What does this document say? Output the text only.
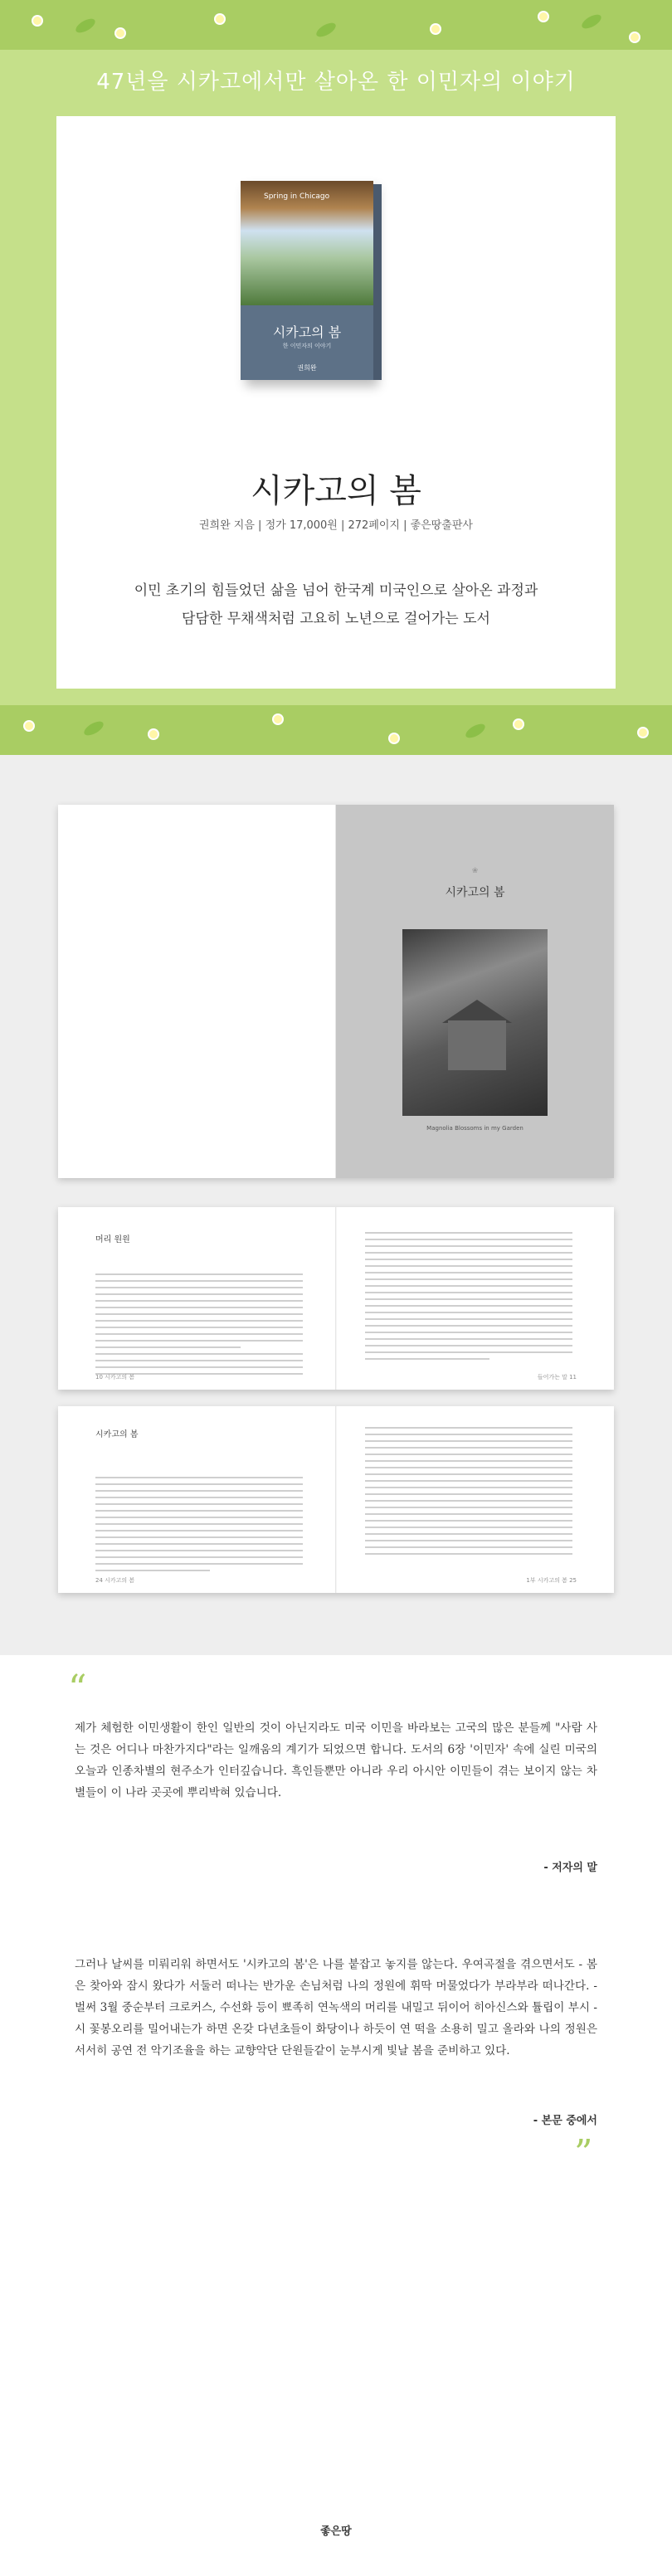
47년을 시카고에서만 살아온 한 이민자의 이야기
Spring in Chicago
시카고의 봄
한 이민자의 이야기
권희완
시카고의 봄
권희완 지음 | 정가 17,000원 | 272페이지 | 좋은땅출판사
이민 초기의 힘들었던 삶을 넘어 한국계 미국인으로 살아온 과정과
담담한 무채색처럼 고요히 노년으로 걸어가는 도서
❀
시카고의 봄
Magnolia Blossoms in my Garden
머리 원원
10 시카고의 봄	들어가는 말 11
시카고의 봄
24 시카고의 봄	1부 시카고의 봄 25
“
제가 체험한 이민생활이 한인 일반의 것이 아닌지라도 미국 이민을 바라보는 고국의 많은 분들께 "사람 사는 것은 어디나 마찬가지다"라는 일깨움의 계기가 되었으면 합니다. 도서의 6장 '이민자' 속에 실린 미국의 오늘과 인종차별의 현주소가 인터깊습니다. 흑인들뿐만 아니라 우리 아시안 이민들이 겪는 보이지 않는 차별들이 이 나라 곳곳에 뿌리박혀 있습니다.
- 저자의 말
그러나 날씨를 미뤄리워 하면서도 '시카고의 봄'은 나를 붙잡고 놓지를 않는다. 우여곡절을 겪으면서도 - 봄은 찾아와 잠시 왔다가 서둘러 떠나는 반가운 손님처럼 나의 정원에 휘딱 머물었다가 부라부라 떠나간다. - 벌써 3월 중순부터 크로커스, 수선화 등이 뾰족히 연녹색의 머리를 내밀고 뒤이어 히아신스와 튤립이 부시 - 시 꽃봉오리를 밀어내는가 하면 온갖 다년초들이 화당이나 하듯이 연 떡을 소용히 밀고 올라와 나의 정원은 서서히 공연 전 악기조율을 하는 교향악단 단원들같이 눈부시게 빛날 봄을 준비하고 있다.
- 본문 중에서
”
좋은땅
